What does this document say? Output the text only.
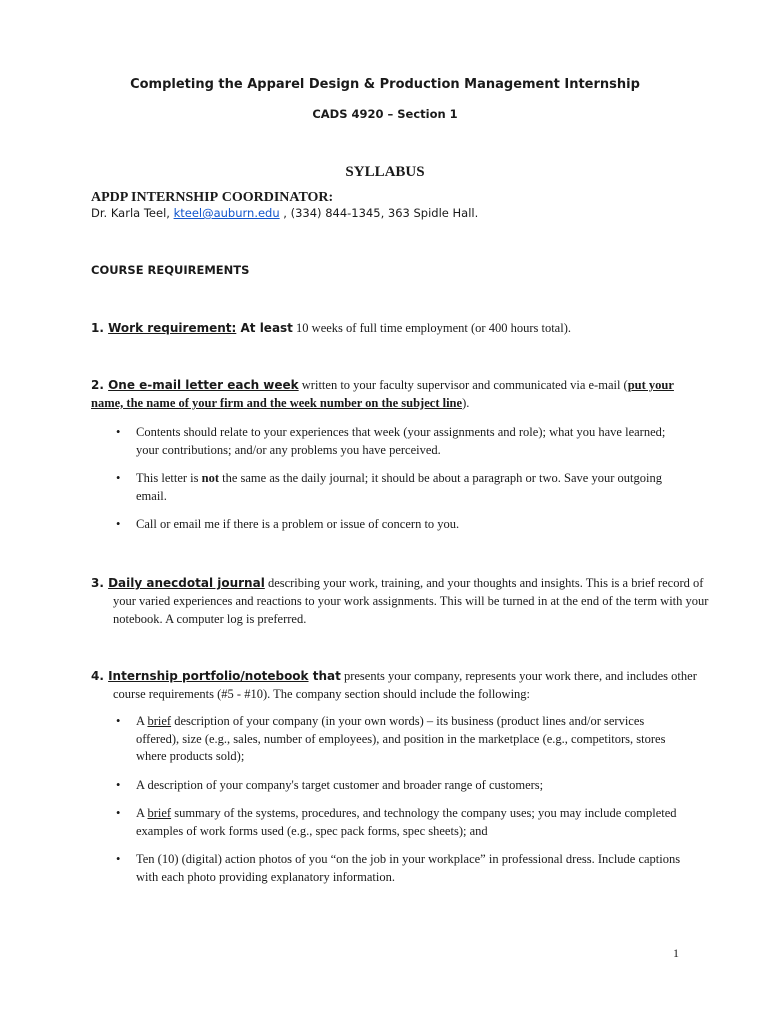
Completing the Apparel Design & Production Management Internship
CADS 4920 – Section 1
SYLLABUS
APDP INTERNSHIP COORDINATOR:
Dr. Karla Teel, kteel@auburn.edu , (334) 844-1345, 363 Spidle Hall.
COURSE REQUIREMENTS
1. Work requirement: At least 10 weeks of full time employment (or 400 hours total).
2. One e-mail letter each week written to your faculty supervisor and communicated via e-mail (put your name, the name of your firm and the week number on the subject line).
• Contents should relate to your experiences that week (your assignments and role); what you have learned; your contributions; and/or any problems you have perceived.
• This letter is not the same as the daily journal; it should be about a paragraph or two. Save your outgoing email.
• Call or email me if there is a problem or issue of concern to you.
3. Daily anecdotal journal describing your work, training, and your thoughts and insights. This is a brief record of your varied experiences and reactions to your work assignments. This will be turned in at the end of the term with your notebook. A computer log is preferred.
4. Internship portfolio/notebook that presents your company, represents your work there, and includes other course requirements (#5 - #10). The company section should include the following:
• A brief description of your company (in your own words) – its business (product lines and/or services offered), size (e.g., sales, number of employees), and position in the marketplace (e.g., competitors, stores where products sold);
• A description of your company's target customer and broader range of customers;
• A brief summary of the systems, procedures, and technology the company uses; you may include completed examples of work forms used (e.g., spec pack forms, spec sheets); and
• Ten (10) (digital) action photos of you “on the job in your workplace” in professional dress. Include captions with each photo providing explanatory information.
1
